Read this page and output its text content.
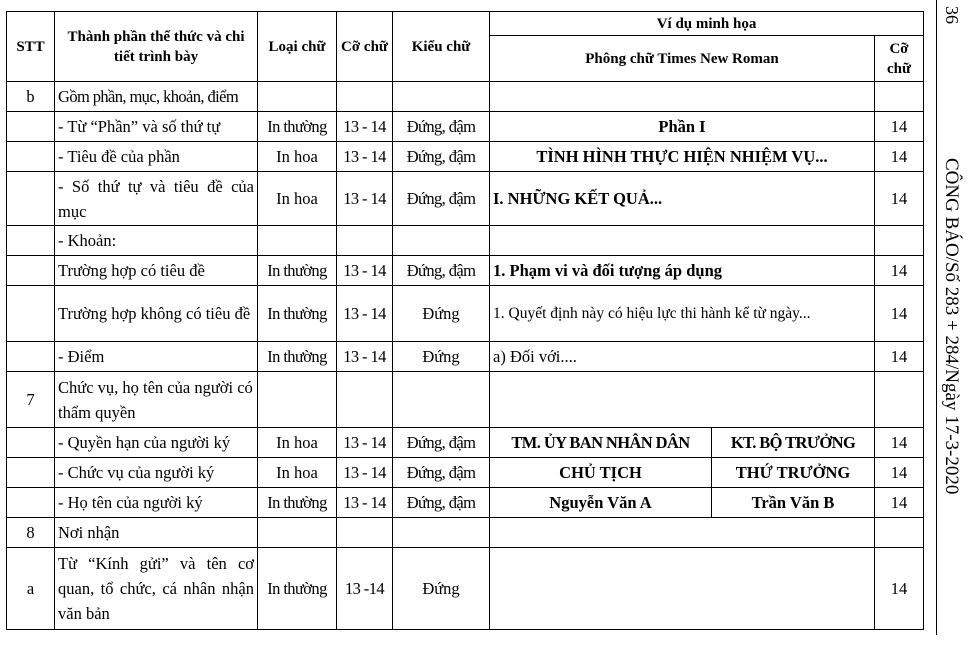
STT	Thành phần thể thức và chi tiết trình bày	Loại chữ	Cỡ chữ	Kiểu chữ	Ví dụ minh họa		
					Phông chữ Times New Roman		Cỡ chữ
b	Gồm phần, mục, khoản, điểm						
	- Từ “Phần” và số thứ tự	In thường	13 - 14	Đứng, đậm	Phần I		14
	- Tiêu đề của phần	In hoa	13 - 14	Đứng, đậm	TÌNH HÌNH THỰC HIỆN NHIỆM VỤ...		14
	- Số thứ tự và tiêu đề của mục	In hoa	13 - 14	Đứng, đậm	I. NHỮNG KẾT QUẢ...		14
	- Khoản:						
	Trường hợp có tiêu đề	In thường	13 - 14	Đứng, đậm	1. Phạm vi và đối tượng áp dụng		14
	Trường hợp không có tiêu đề	In thường	13 - 14	Đứng	1. Quyết định này có hiệu lực thi hành kể từ ngày...		14
	- Điểm	In thường	13 - 14	Đứng	a) Đối với....		14
7	Chức vụ, họ tên của người có thẩm quyền						
	- Quyền hạn của người ký	In hoa	13 - 14	Đứng, đậm	TM. ỦY BAN NHÂN DÂN	KT. BỘ TRƯỞNG	14
	- Chức vụ của người ký	In hoa	13 - 14	Đứng, đậm	CHỦ TỊCH	THỨ TRƯỞNG	14
	- Họ tên của người ký	In thường	13 - 14	Đứng, đậm	Nguyễn Văn A	Trần Văn B	14
8	Nơi nhận						
a	Từ “Kính gửi” và tên cơ quan, tổ chức, cá nhân nhận văn bản	In thường	13 -14	Đứng			14
36
CÔNG BÁO/Số 283 + 284/Ngày 17-3-2020
